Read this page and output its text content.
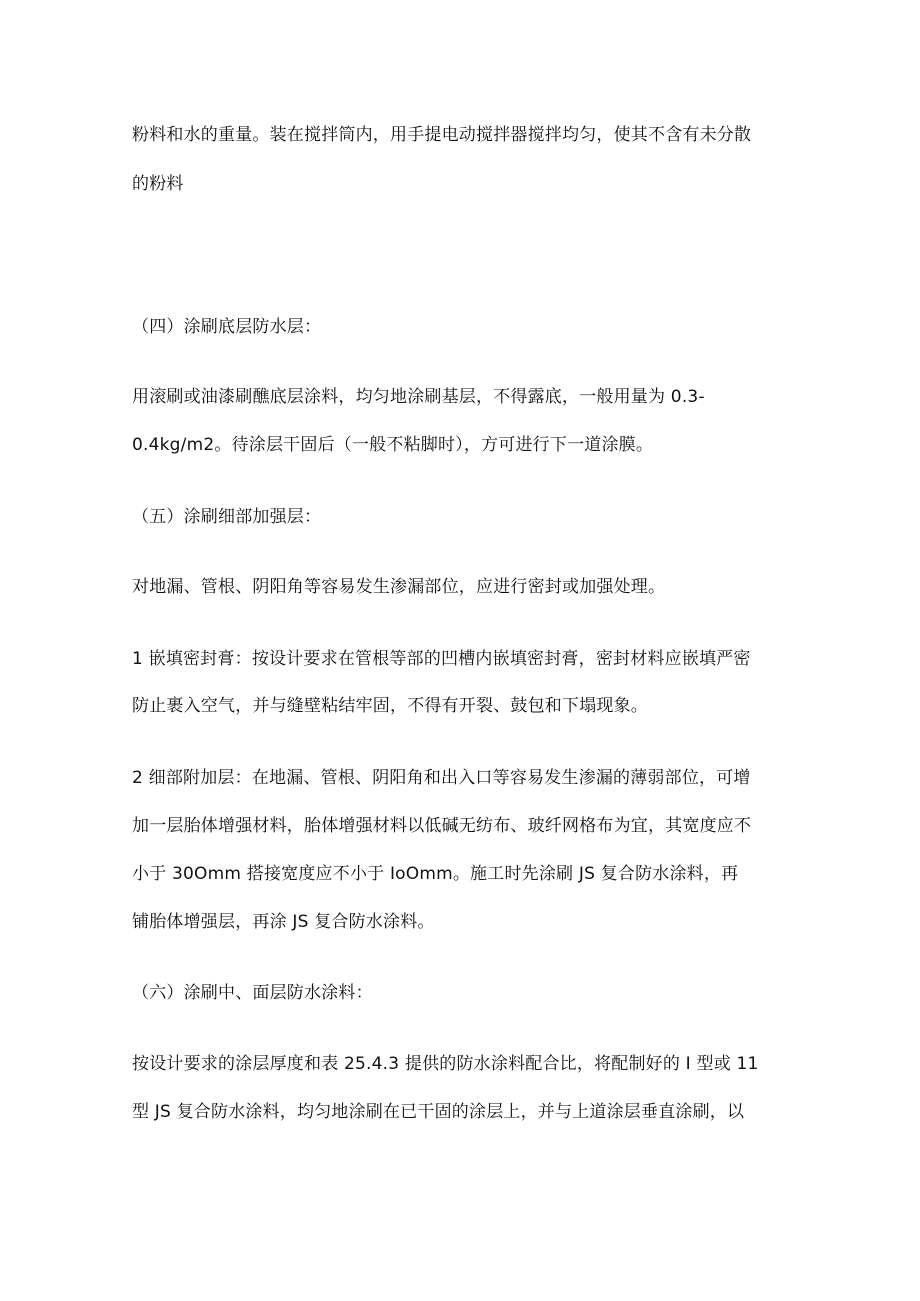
粉料和水的重量。装在搅拌筒内，用手提电动搅拌器搅拌均匀，使其不含有未分散
的粉料
（四）涂刷底层防水层：
用滚刷或油漆刷醮底层涂料，均匀地涂刷基层，不得露底，一般用量为 0.3-
0.4kg∕m2。待涂层干固后（一般不粘脚时），方可进行下一道涂膜。
（五）涂刷细部加强层：
对地漏、管根、阴阳角等容易发生渗漏部位，应进行密封或加强处理。
1 嵌填密封膏：按设计要求在管根等部的凹槽内嵌填密封膏，密封材料应嵌填严密
防止裹入空气，并与缝壁粘结牢固，不得有开裂、鼓包和下塌现象。
2 细部附加层：在地漏、管根、阴阳角和出入口等容易发生渗漏的薄弱部位，可增
加一层胎体增强材料，胎体增强材料以低碱无纺布、玻纤网格布为宜，其宽度应不
小于 30Omm 搭接宽度应不小于 IoOmm。施工时先涂刷 JS 复合防水涂料，再
铺胎体增强层，再涂 JS 复合防水涂料。
（六）涂刷中、面层防水涂料：
按设计要求的涂层厚度和表 25.4.3 提供的防水涂料配合比，将配制好的 I 型或 11
型 JS 复合防水涂料，均匀地涂刷在已干固的涂层上，并与上道涂层垂直涂刷，以
